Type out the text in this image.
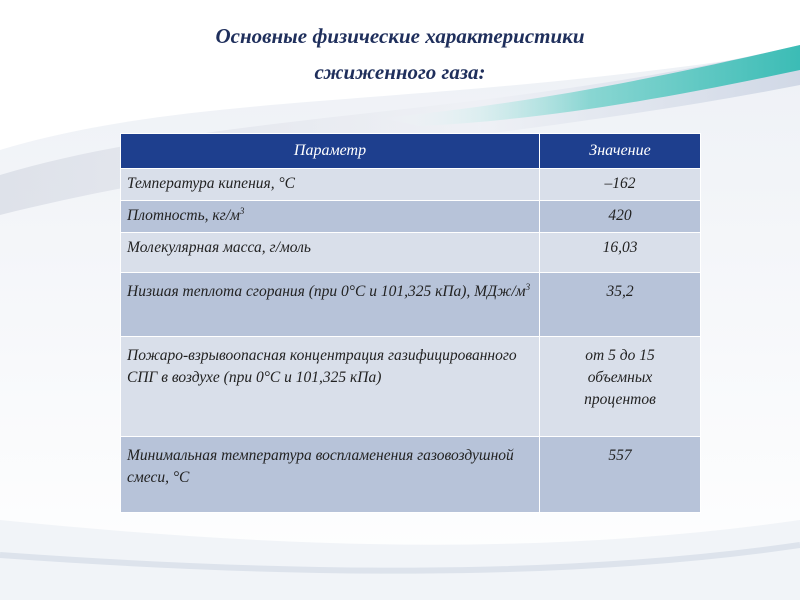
Основные физические характеристики
сжиженного газа:
Параметр	Значение
Температура кипения, °С	–162
Плотность, $кг/м^3$	420
Молекулярная масса, г/моль	16,03
Низшая теплота сгорания (при 0°С и 101,325 кПа), МДж/$м^3$	35,2
Пожаро-взрывоопасная концентрация газифицированного СПГ в воздухе (при 0°С и 101,325 кПа)	от 5 до 15 объемных процентов
Минимальная температура воспламенения газовоздушной смеси, °С	557
